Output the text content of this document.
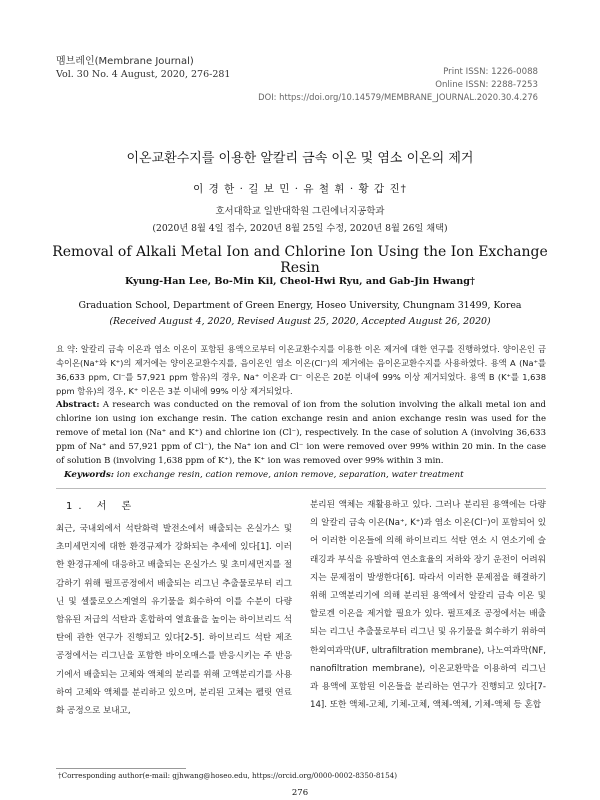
멤브레인(Membrane Journal)
Vol. 30 No. 4 August, 2020, 276-281	Print ISSN: 1226-0088
Online ISSN: 2288-7253
DOI: https://doi.org/10.14579/MEMBRANE_JOURNAL.2020.30.4.276
이온교환수지를 이용한 알칼리 금속 이온 및 염소 이온의 제거
이 경 한 · 길 보 민 · 유 철 휘 · 황 갑 진†
호서대학교 일반대학원 그린에너지공학과
(2020년 8월 4일 접수, 2020년 8월 25일 수정, 2020년 8월 26일 채택)
Removal of Alkali Metal Ion and Chlorine Ion Using the Ion Exchange Resin
Kyung-Han Lee, Bo-Min Kil, Cheol-Hwi Ryu, and Gab-Jin Hwang†
Graduation School, Department of Green Energy, Hoseo University, Chungnam 31499, Korea
(Received August 4, 2020, Revised August 25, 2020, Accepted August 26, 2020)
요 약: 알칼리 금속 이온과 염소 이온이 포함된 용액으로부터 이온교환수지를 이용한 이온 제거에 대한 연구를 진행하였다. 양이온인 금속이온(Na⁺와 K⁺)의 제거에는 양이온교환수지를, 음이온인 염소 이온(Cl⁻)의 제거에는 음이온교환수지를 사용하였다. 용액 A (Na⁺를 36,633 ppm, Cl⁻를 57,921 ppm 함유)의 경우, Na⁺ 이온과 Cl⁻ 이온은 20분 이내에 99% 이상 제거되었다. 용액 B (K⁺를 1,638 ppm 함유)의 경우, K⁺ 이온은 3분 이내에 99% 이상 제거되었다.
Abstract: A research was conducted on the removal of ion from the solution involving the alkali metal ion and chlorine ion using ion exchange resin. The cation exchange resin and anion exchange resin was used for the remove of metal ion (Na⁺ and K⁺) and chlorine ion (Cl⁻), respectively. In the case of solution A (involving 36,633 ppm of Na⁺ and 57,921 ppm of Cl⁻), the Na⁺ ion and Cl⁻ ion were removed over 99% within 20 min. In the case of solution B (involving 1,638 ppm of K⁺), the K⁺ ion was removed over 99% within 3 min.
Keywords: ion exchange resin, cation remove, anion remove, separation, water treatment
1. 서 론
최근, 국내외에서 석탄화력 발전소에서 배출되는 온실가스 및 초미세먼지에 대한 환경규제가 강화되는 추세에 있다[1]. 이러한 환경규제에 대응하고 배출되는 온실가스 및 초미세먼지를 절감하기 위해 펄프공정에서 배출되는 리그닌 추출물로부터 리그닌 및 셀룰로오스계열의 유기물을 회수하여 이를 수분이 다량 함유된 저급의 석탄과 혼합하여 열효율을 높이는 하이브리드 석탄에 관한 연구가 진행되고 있다[2-5]. 하이브리드 석탄 제조 공정에서는 리그닌을 포함한 바이오매스를 반응시키는 주 반응기에서 배출되는 고체와 액체의 분리를 위해 고액분리기를 사용하여 고체와 액체를 분리하고 있으며, 분리된 고체는 펠릿 연료화 공정으로 보내고,
분리된 액체는 재활용하고 있다. 그러나 분리된 용액에는 다량의 알칼리 금속 이온(Na⁺, K⁺)과 염소 이온(Cl⁻)이 포함되어 있어 이러한 이온들에 의해 하이브리드 석탄 연소 시 연소기에 슬래깅과 부식을 유발하여 연소효율의 저하와 장기 운전이 어려워지는 문제점이 발생한다[6]. 따라서 이러한 문제점을 해결하기 위해 고액분리기에 의해 분리된 용액에서 알칼리 금속 이온 및 할로겐 이온을 제거할 필요가 있다. 펄프제조 공정에서는 배출되는 리그닌 추출물로부터 리그닌 및 유기물을 회수하기 위하여 한외여과막(UF, ultrafiltration membrane), 나노여과막(NF, nanofiltration membrane), 이온교환막을 이용하여 리그닌과 용액에 포함된 이온들을 분리하는 연구가 진행되고 있다[7-14]. 또한 액체-고체, 기체-고체, 액체-액체, 기체-액체 등 혼합
†Corresponding author(e-mail: gjhwang@hoseo.edu, https://orcid.org/0000-0002-8350-8154)
276
